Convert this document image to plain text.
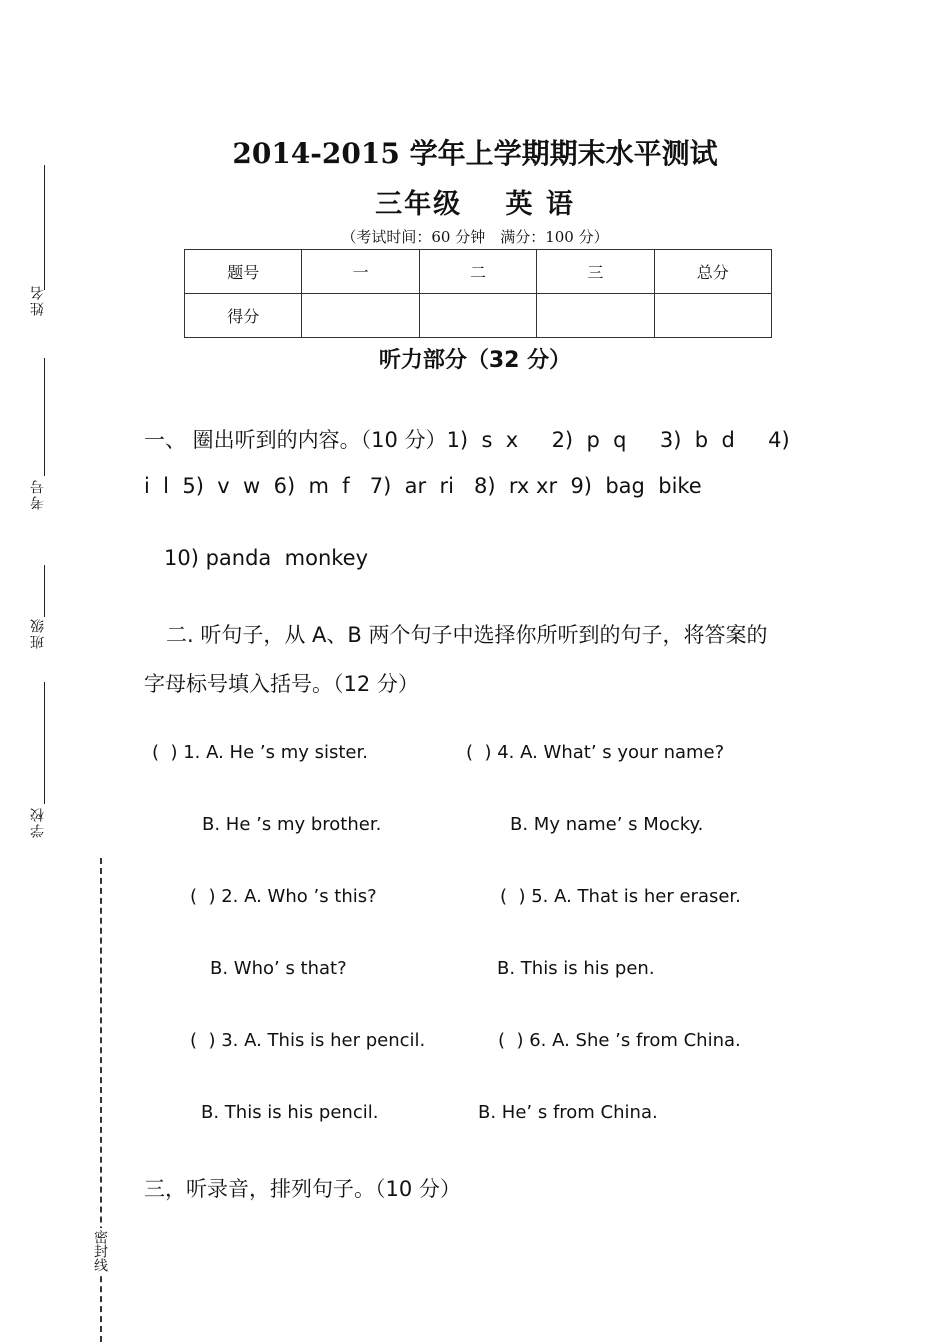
姓名
考号
班级
学校
密封线
2014-2015 学年上学期期末水平测试
三年级 英 语
（考试时间：60 分钟　满分：100 分）
题号	一	二	三	总分
得分				
听力部分（32 分）
一、 圈出听到的内容。（10 分）1)  s  x     2)  p  q     3)  b  d     4)
i  l  5)  v  w  6)  m  f   7)  ar  ri   8)  rx xr  9)  bag  bike
10) panda  monkey
二. 听句子，从 A、B 两个句子中选择你所听到的句子，将答案的
字母标号填入括号。（12 分）
(  ) 1. A. He ’s my sister.
B. He ’s my brother.
(  ) 2. A. Who ’s this?
B. Who’ s that?
(  ) 3. A. This is her pencil.
B. This is his pencil.
(  ) 4. A. What’ s your name?
B. My name’ s Mocky.
(  ) 5. A. That is her eraser.
B. This is his pen.
(  ) 6. A. She ’s from China.
B. He’ s from China.
三，听录音，排列句子。（10 分）
